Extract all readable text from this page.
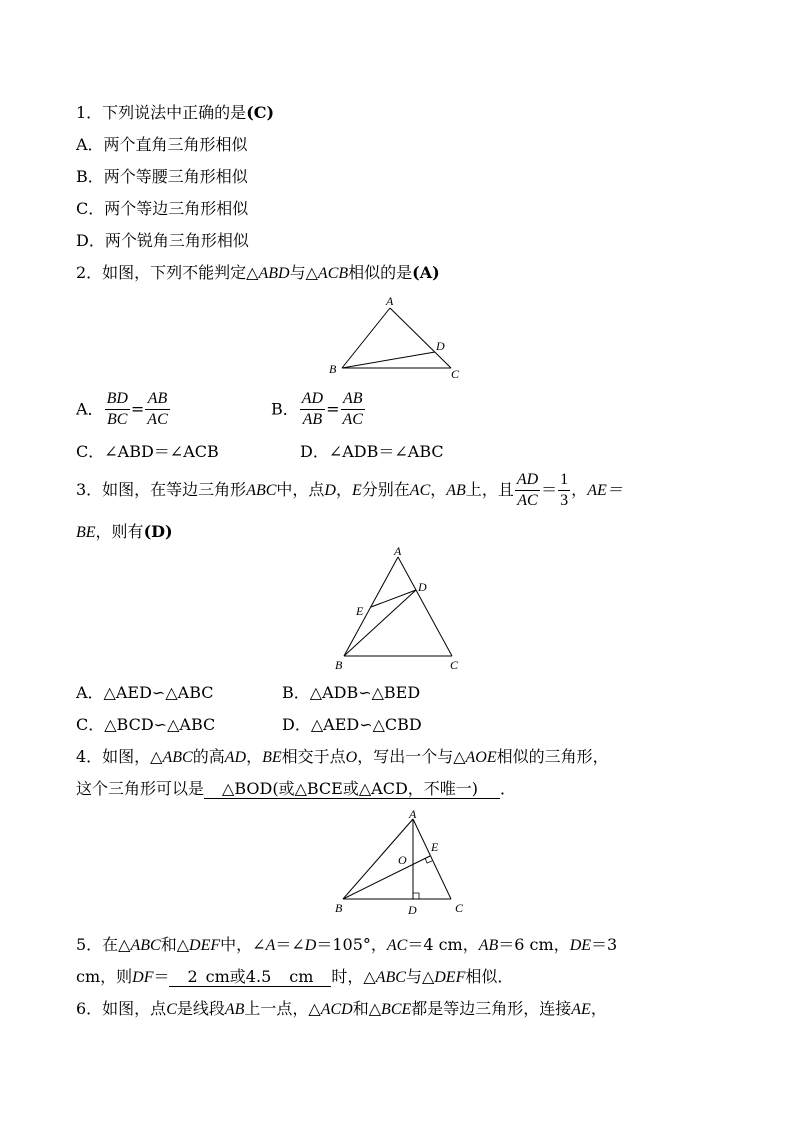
1．下列说法中正确的是(C)
A．两个直角三角形相似
B．两个等腰三角形相似
C．两个等边三角形相似
D．两个锐角三角形相似
2．如图，下列不能判定△ABD与△ACB相似的是(A)
A
B	C
D
A． $\frac{BD}{BC} = \frac{AB}{AC}$	B． $\frac{AD}{AB} = \frac{AB}{AC}$
C．∠ABD＝∠ACB	D．∠ADB＝∠ABC
3．如图，在等边三角形ABC中，点D，E分别在AC，AB上，且 $\frac{AD}{AC} = \frac{1}{3}$ ，AE＝
BE，则有(D)
A
B	C
D
E
A．△AED∽△ABC	B．△ADB∽△BED
C．△BCD∽△ABC	D．△AED∽△CBD
4．如图，△ABC的高AD，BE相交于点O，写出一个与△AOE相似的三角形，
这个三角形可以是 △BOD(或△BCE或△ACD，不唯一) ．
A
B	C
D
E
O
5．在△ABC和△DEF中，∠A＝∠D＝105°，AC＝4 cm，AB＝6 cm，DE＝3
cm，则DF＝ 2 cm或4.5 cm 时，△ABC与△DEF相似．
6．如图，点C是线段AB上一点，△ACD和△BCE都是等边三角形，连接AE，
